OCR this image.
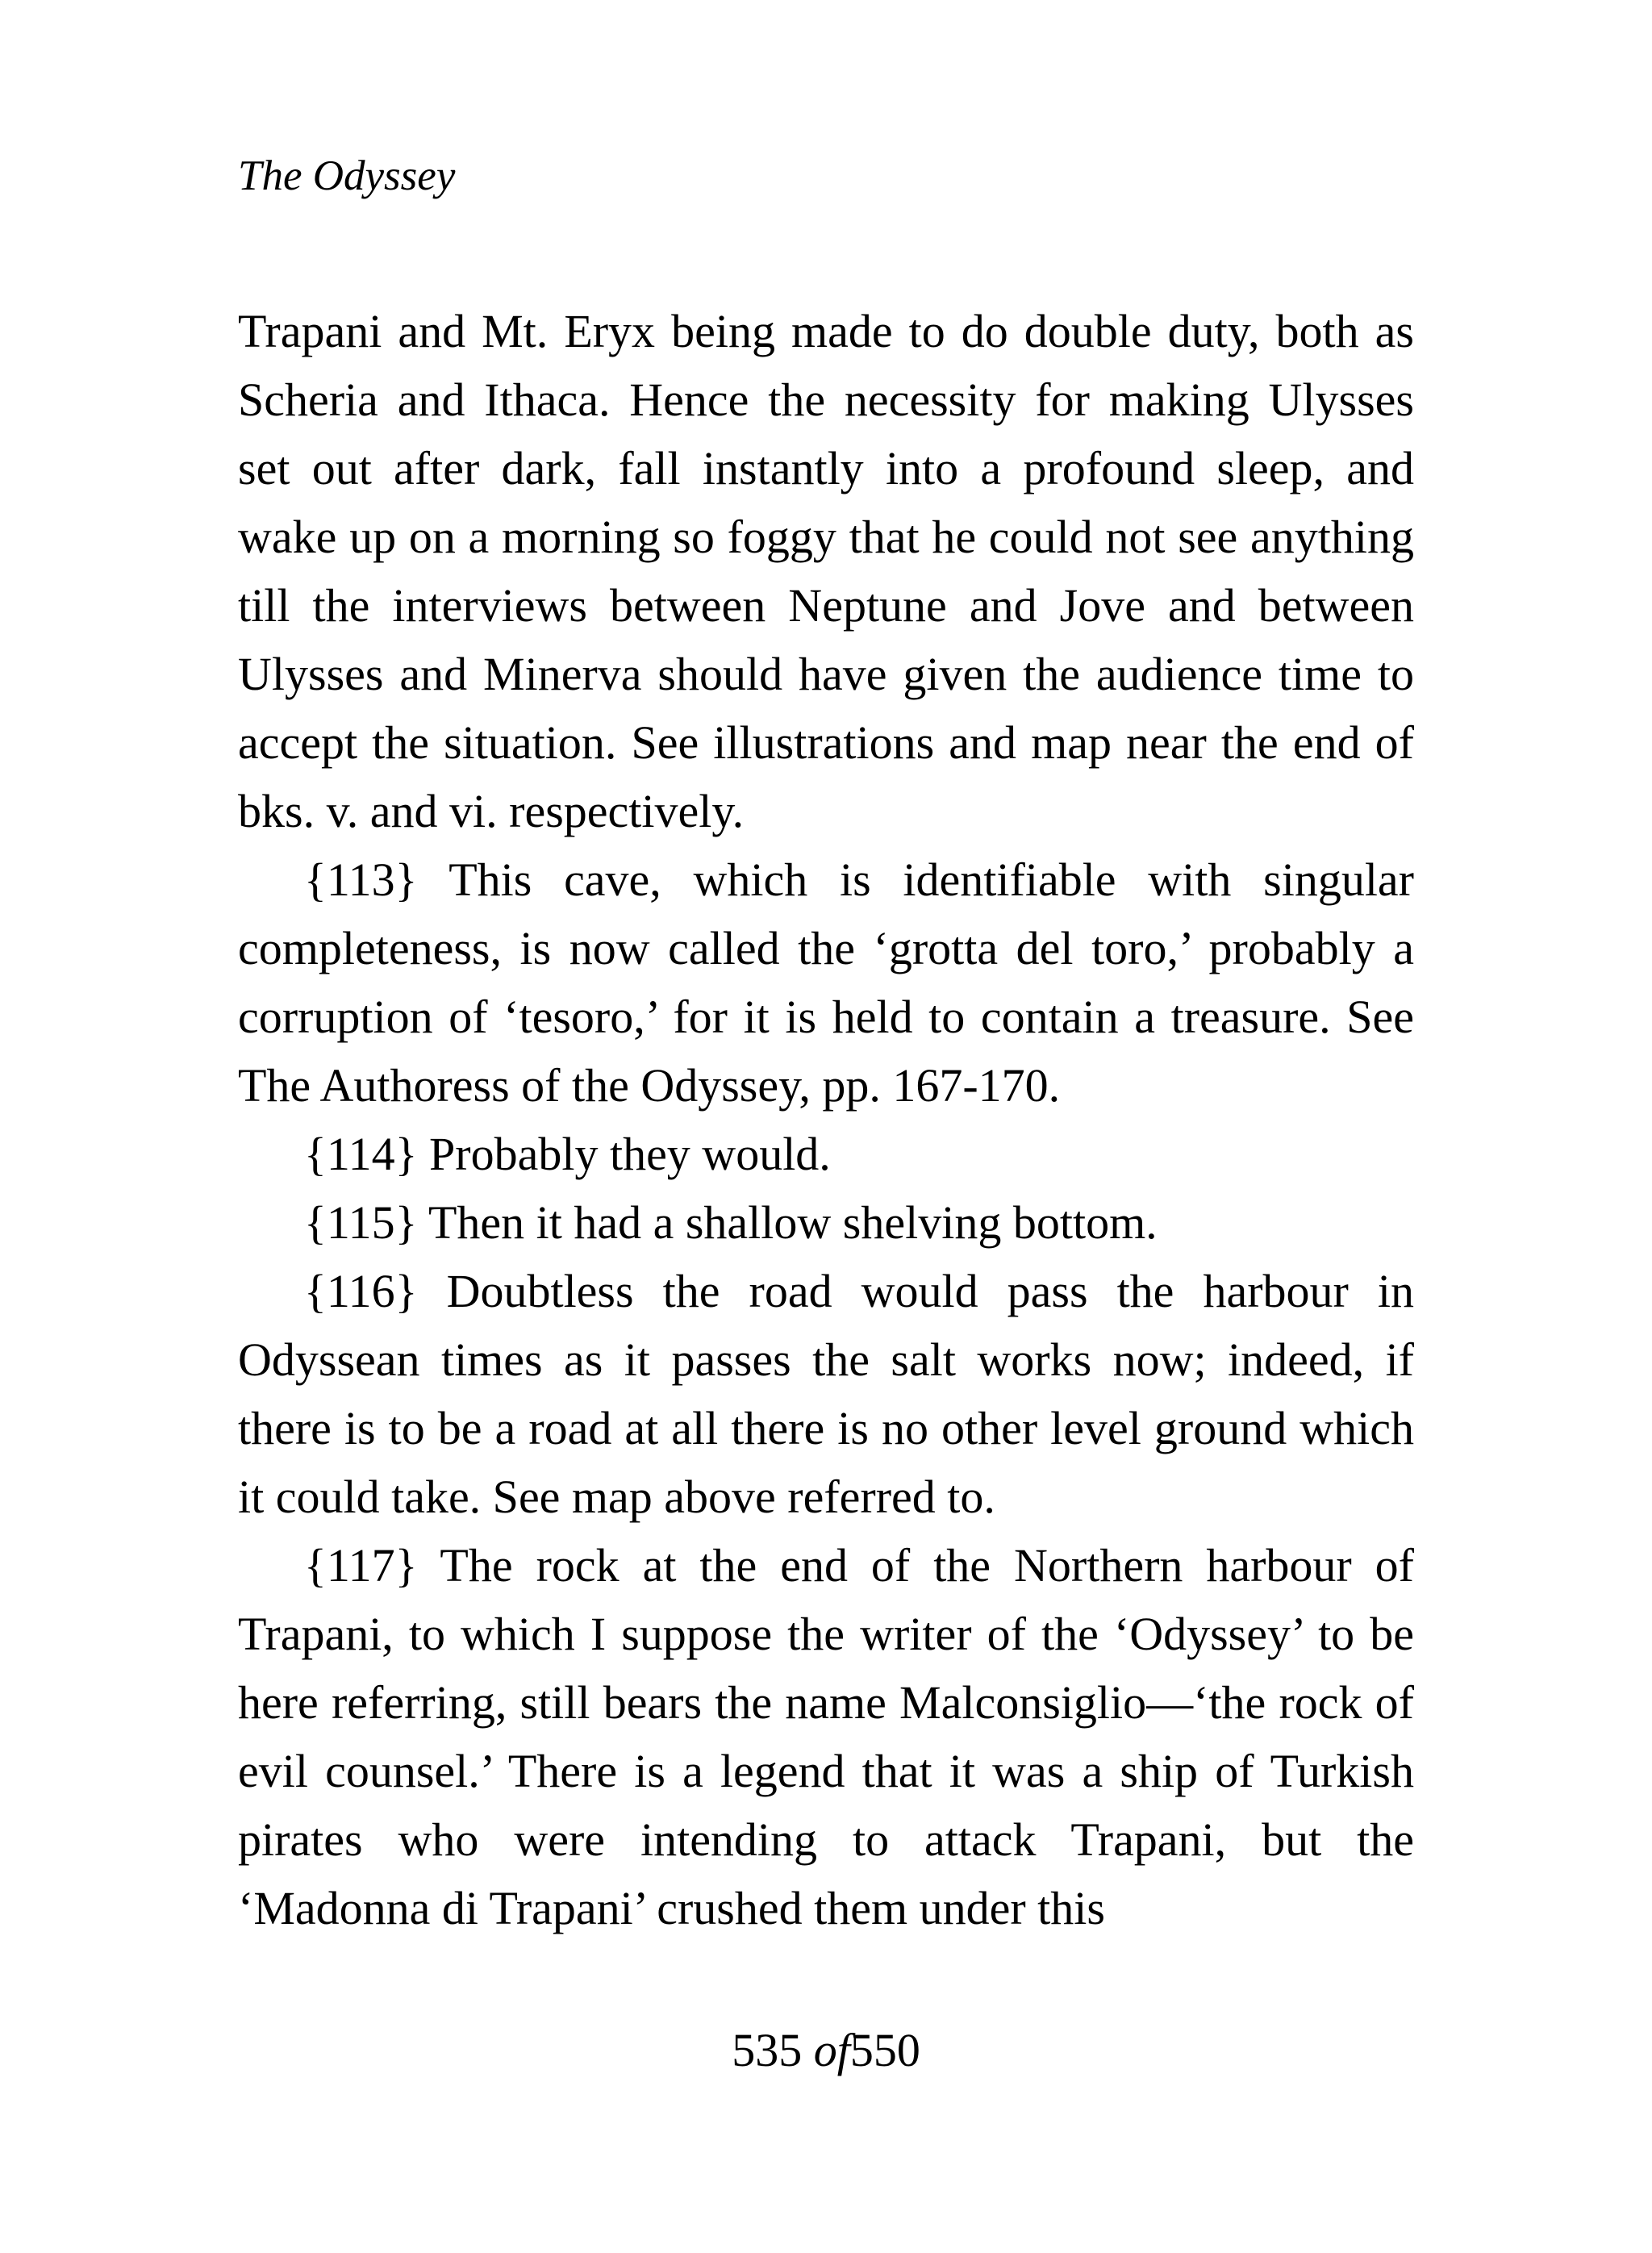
The Odyssey

Trapani and Mt. Eryx being made to do double duty, both as Scheria and Ithaca. Hence the necessity for making Ulysses set out after dark, fall instantly into a profound sleep, and wake up on a morning so foggy that he could not see anything till the interviews between Neptune and Jove and between Ulysses and Minerva should have given the audience time to accept the situation. See illustrations and map near the end of bks. v. and vi. respectively.

{113} This cave, which is identifiable with singular completeness, is now called the ‘grotta del toro,’ probably a corruption of ‘tesoro,’ for it is held to contain a treasure. See The Authoress of the Odyssey, pp. 167-170.

{114} Probably they would.

{115} Then it had a shallow shelving bottom.

{116} Doubtless the road would pass the harbour in Odyssean times as it passes the salt works now; indeed, if there is to be a road at all there is no other level ground which it could take. See map above referred to.

{117} The rock at the end of the Northern harbour of Trapani, to which I suppose the writer of the ‘Odyssey’ to be here referring, still bears the name Malconsiglio—‘the rock of evil counsel.’ There is a legend that it was a ship of Turkish pirates who were intending to attack Trapani, but the ‘Madonna di Trapani’ crushed them under this

535 of550
